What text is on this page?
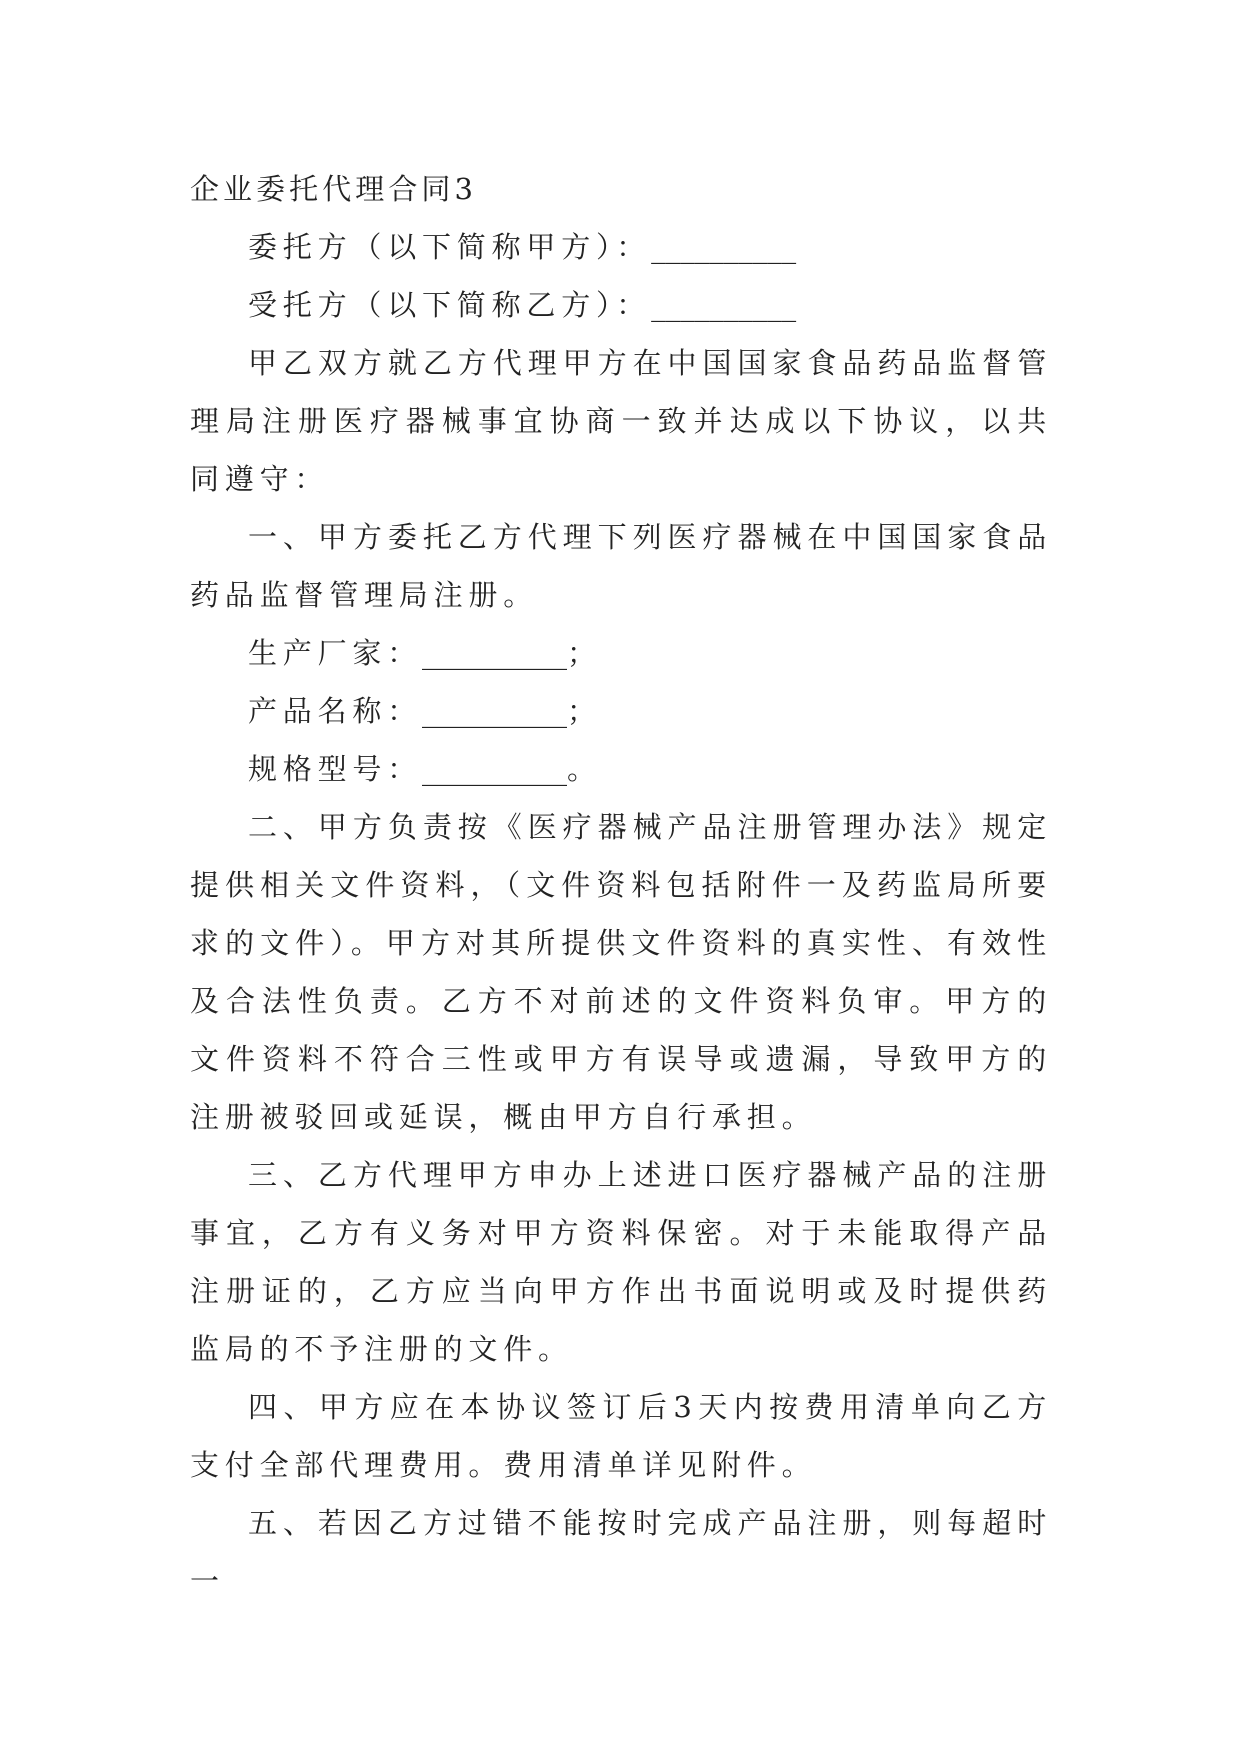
企业委托代理合同3

委托方（以下简称甲方）：__________

受托方（以下简称乙方）：__________

甲乙双方就乙方代理甲方在中国国家食品药品监督管理局注册医疗器械事宜协商一致并达成以下协议，以共同遵守：

一、甲方委托乙方代理下列医疗器械在中国国家食品药品监督管理局注册。

生产厂家：__________；

产品名称：__________；

规格型号：__________。

二、甲方负责按《医疗器械产品注册管理办法》规定提供相关文件资料，（文件资料包括附件一及药监局所要求的文件）。甲方对其所提供文件资料的真实性、有效性及合法性负责。乙方不对前述的文件资料负审。甲方的文件资料不符合三性或甲方有误导或遗漏，导致甲方的注册被驳回或延误，概由甲方自行承担。

三、乙方代理甲方申办上述进口医疗器械产品的注册事宜，乙方有义务对甲方资料保密。对于未能取得产品注册证的，乙方应当向甲方作出书面说明或及时提供药监局的不予注册的文件。

四、甲方应在本协议签订后3天内按费用清单向乙方支付全部代理费用。费用清单详见附件。

五、若因乙方过错不能按时完成产品注册，则每超时一
